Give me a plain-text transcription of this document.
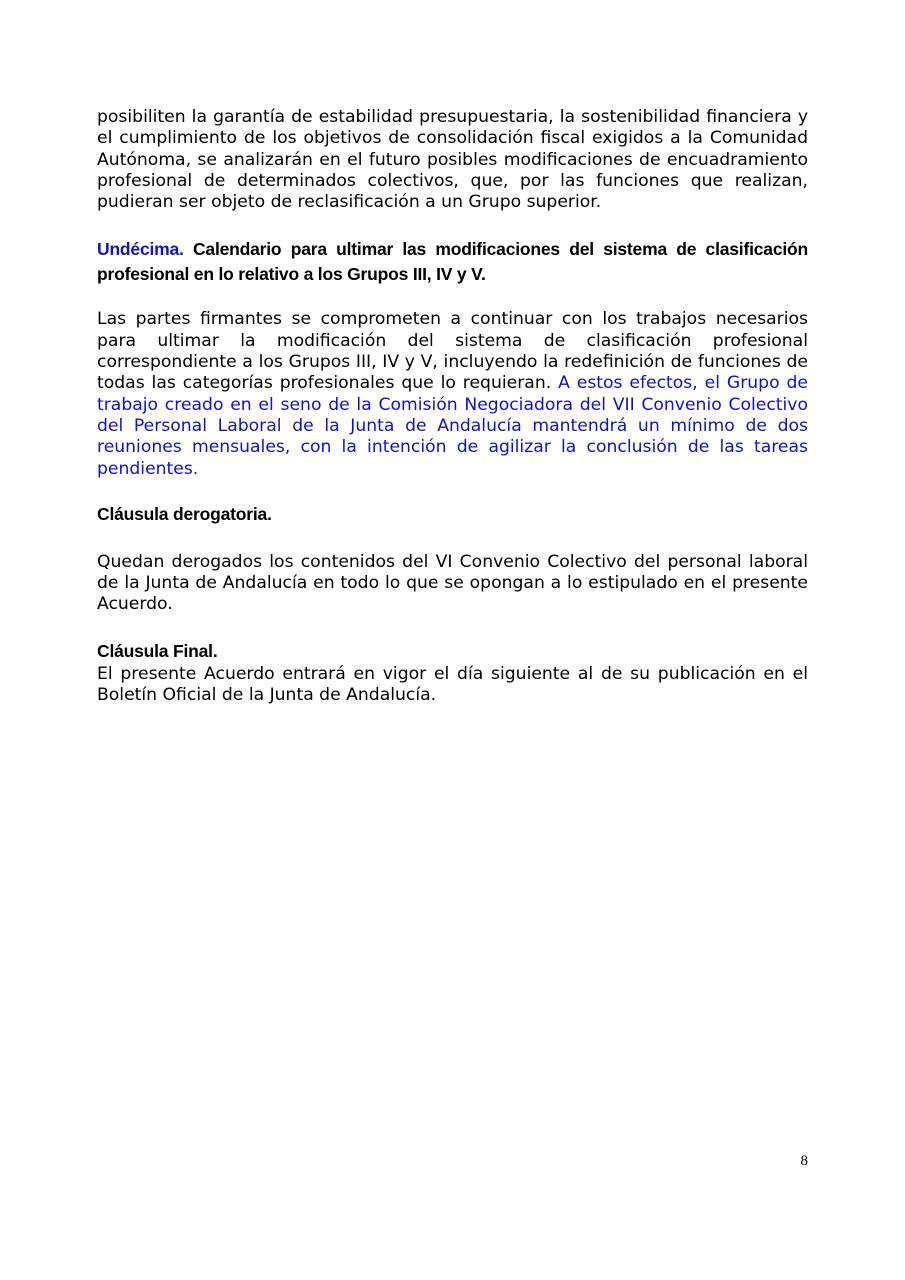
posibiliten la garantía de estabilidad presupuestaria, la sostenibilidad financiera y el cumplimiento de los objetivos de consolidación fiscal exigidos a la Comunidad Autónoma, se analizarán en el futuro posibles modificaciones de encuadramiento profesional de determinados colectivos, que, por las funciones que realizan, pudieran ser objeto de reclasificación a un Grupo superior.

Undécima. Calendario para ultimar las modificaciones del sistema de clasificación profesional en lo relativo a los Grupos III, IV y V.

Las partes firmantes se comprometen a continuar con los trabajos necesarios para ultimar la modificación del sistema de clasificación profesional correspondiente a los Grupos III, IV y V, incluyendo la redefinición de funciones de todas las categorías profesionales que lo requieran. A estos efectos, el Grupo de trabajo creado en el seno de la Comisión Negociadora del VII Convenio Colectivo del Personal Laboral de la Junta de Andalucía mantendrá un mínimo de dos reuniones mensuales, con la intención de agilizar la conclusión de las tareas pendientes.

Cláusula derogatoria.

Quedan derogados los contenidos del VI Convenio Colectivo del personal laboral de la Junta de Andalucía en todo lo que se opongan a lo estipulado en el presente Acuerdo.

Cláusula Final.

El presente Acuerdo entrará en vigor el día siguiente al de su publicación en el Boletín Oficial de la Junta de Andalucía.

8
